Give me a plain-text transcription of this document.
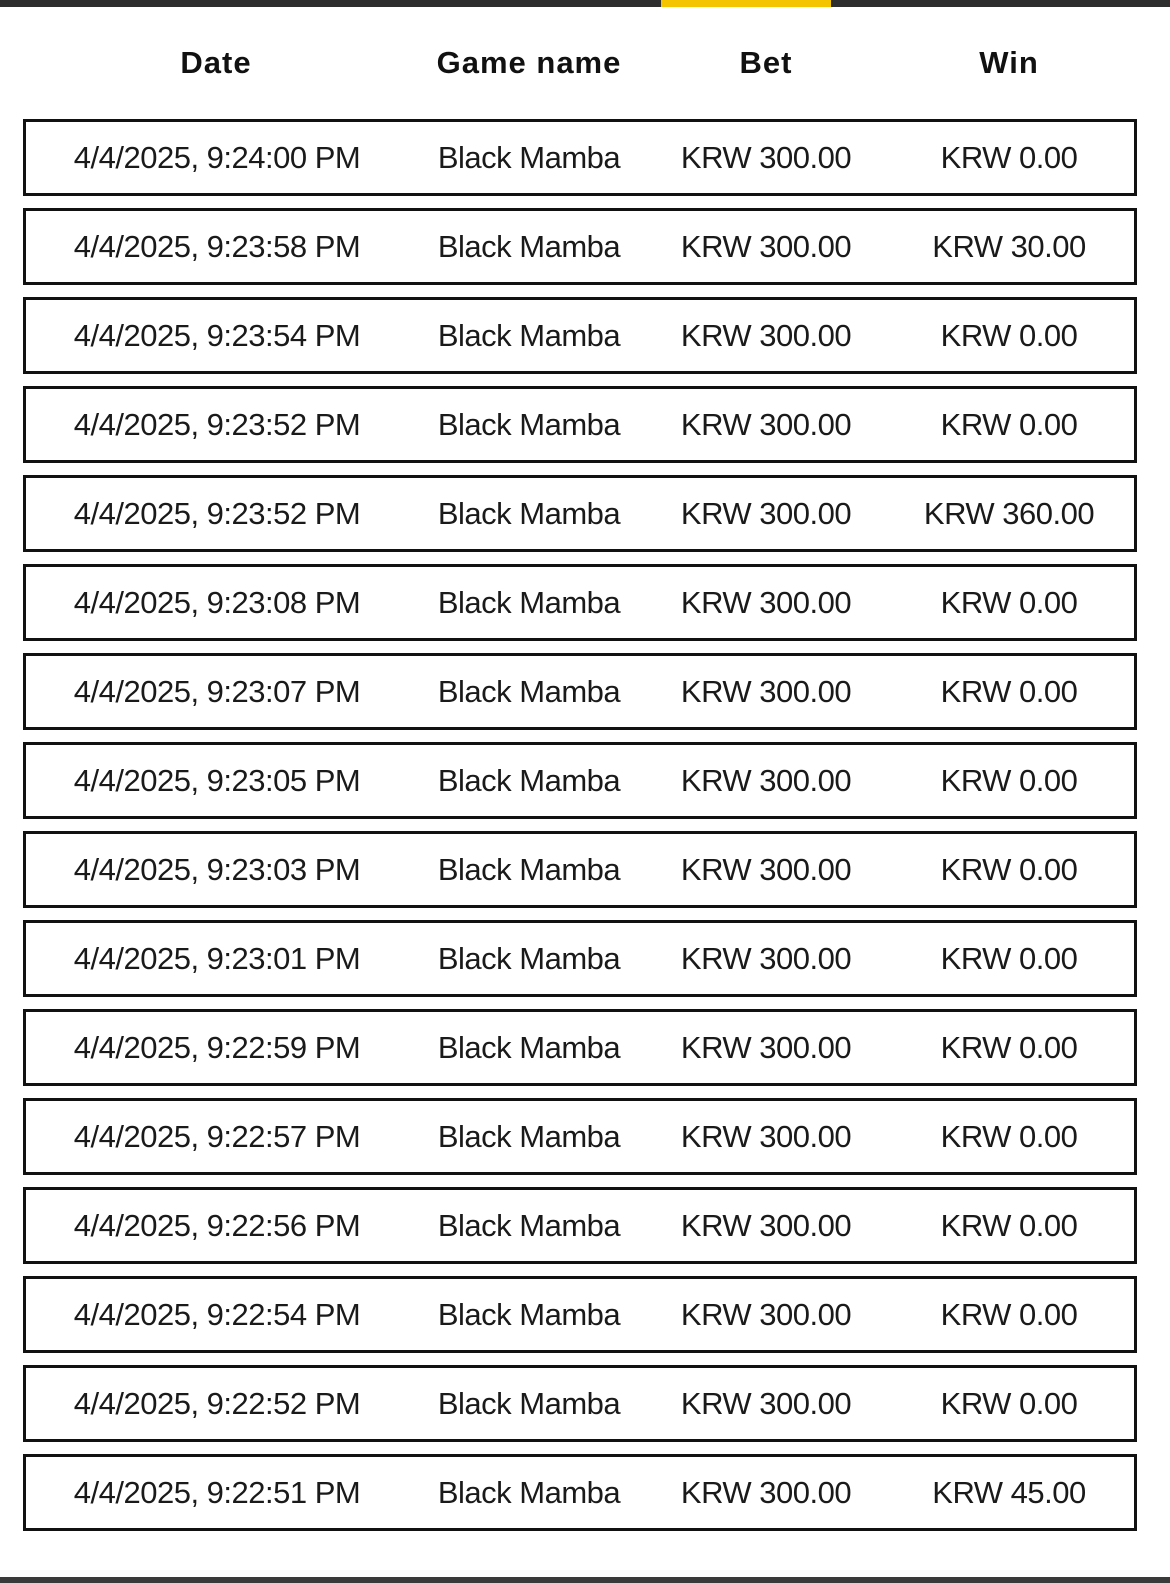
Date	Game name	Bet	Win
4/4/2025, 9:24:00 PM	Black Mamba	KRW 300.00	KRW 0.00
4/4/2025, 9:23:58 PM	Black Mamba	KRW 300.00	KRW 30.00
4/4/2025, 9:23:54 PM	Black Mamba	KRW 300.00	KRW 0.00
4/4/2025, 9:23:52 PM	Black Mamba	KRW 300.00	KRW 0.00
4/4/2025, 9:23:52 PM	Black Mamba	KRW 300.00	KRW 360.00
4/4/2025, 9:23:08 PM	Black Mamba	KRW 300.00	KRW 0.00
4/4/2025, 9:23:07 PM	Black Mamba	KRW 300.00	KRW 0.00
4/4/2025, 9:23:05 PM	Black Mamba	KRW 300.00	KRW 0.00
4/4/2025, 9:23:03 PM	Black Mamba	KRW 300.00	KRW 0.00
4/4/2025, 9:23:01 PM	Black Mamba	KRW 300.00	KRW 0.00
4/4/2025, 9:22:59 PM	Black Mamba	KRW 300.00	KRW 0.00
4/4/2025, 9:22:57 PM	Black Mamba	KRW 300.00	KRW 0.00
4/4/2025, 9:22:56 PM	Black Mamba	KRW 300.00	KRW 0.00
4/4/2025, 9:22:54 PM	Black Mamba	KRW 300.00	KRW 0.00
4/4/2025, 9:22:52 PM	Black Mamba	KRW 300.00	KRW 0.00
4/4/2025, 9:22:51 PM	Black Mamba	KRW 300.00	KRW 45.00
